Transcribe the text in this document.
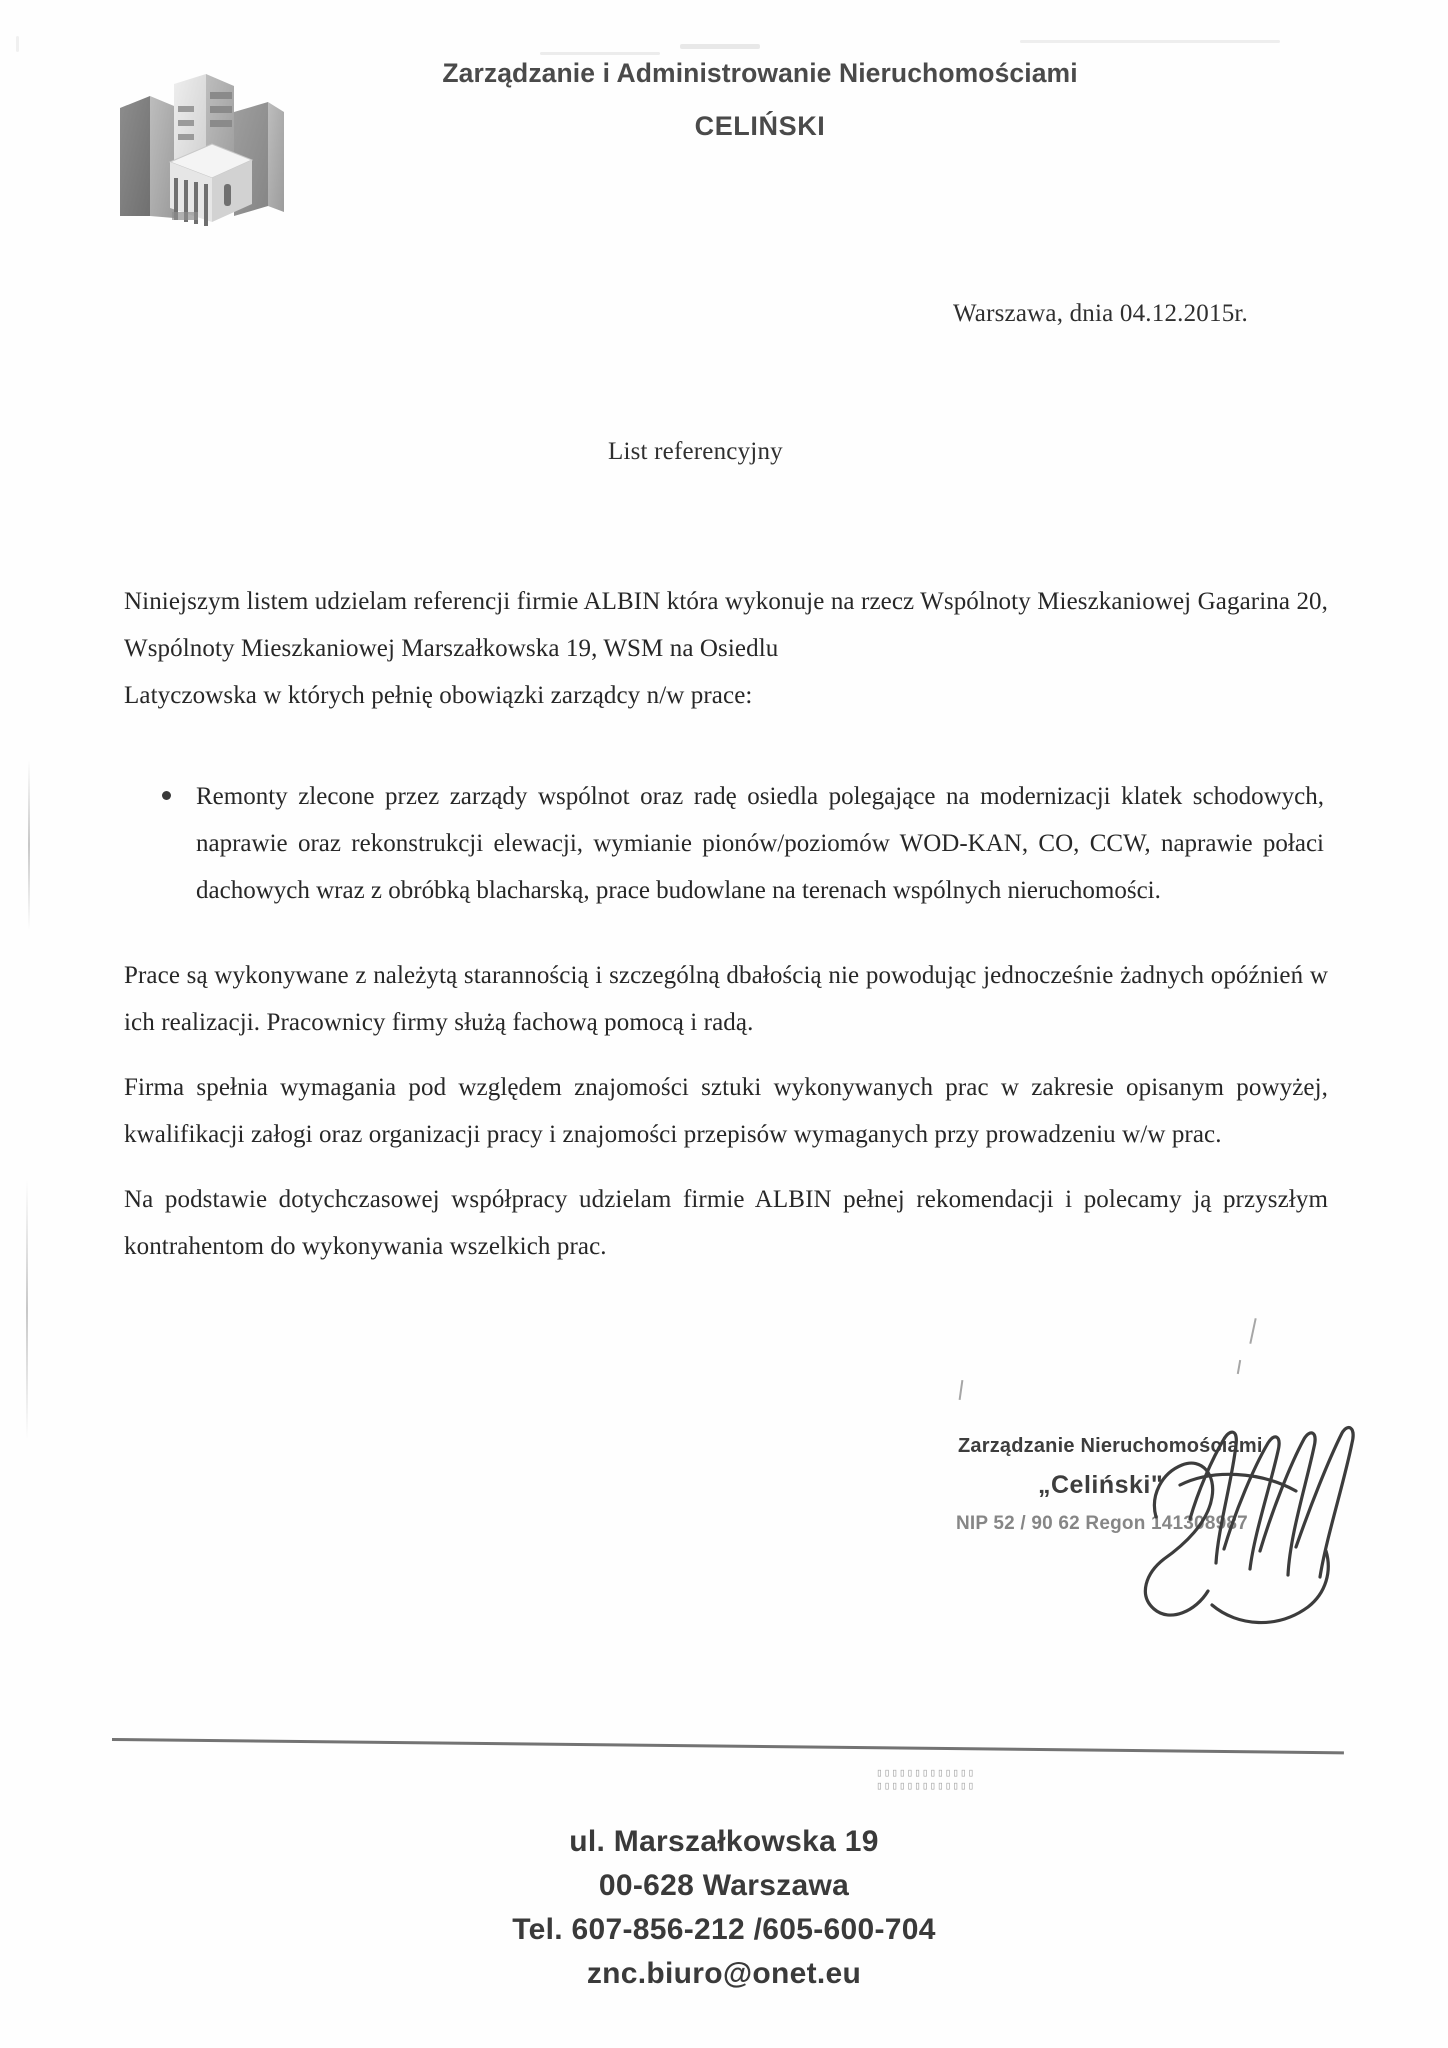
Zarządzanie i Administrowanie Nieruchomościami
CELIŃSKI
Warszawa, dnia 04.12.2015r.
List referencyjny

Niniejszym listem udzielam referencji firmie ALBIN która wykonuje na rzecz Wspólnoty Mieszkaniowej Gagarina 20, Wspólnoty Mieszkaniowej Marszałkowska 19, WSM na Osiedlu

Latyczowska w których pełnię obowiązki zarządcy n/w prace:

Remonty zlecone przez zarządy wspólnot oraz radę osiedla polegające na modernizacji klatek schodowych, naprawie oraz rekonstrukcji elewacji, wymianie pionów/poziomów WOD-KAN, CO, CCW, naprawie połaci dachowych wraz z obróbką blacharską, prace budowlane na terenach wspólnych nieruchomości.

Prace są wykonywane z należytą starannością i szczególną dbałością nie powodując jednocześnie żadnych opóźnień w ich realizacji. Pracownicy firmy służą fachową pomocą i radą.

Firma spełnia wymagania pod względem znajomości sztuki wykonywanych prac w zakresie opisanym powyżej, kwalifikacji załogi oraz organizacji pracy i znajomości przepisów wymaganych przy prowadzeniu w/w prac.

Na podstawie dotychczasowej współpracy udzielam firmie ALBIN pełnej rekomendacji i polecamy ją przyszłym kontrahentom do wykonywania wszelkich prac.

Zarządzanie Nieruchomościami
„Celiński"
NIP 52 / 90 62 Regon 141308987
▯▯▯▯▯▯▯▯▯▯▯▯▯
▯▯▯▯▯▯▯▯▯▯▯▯▯
ul. Marszałkowska 19
00-628 Warszawa
Tel. 607-856-212 /605-600-704
znc.biuro@onet.eu
